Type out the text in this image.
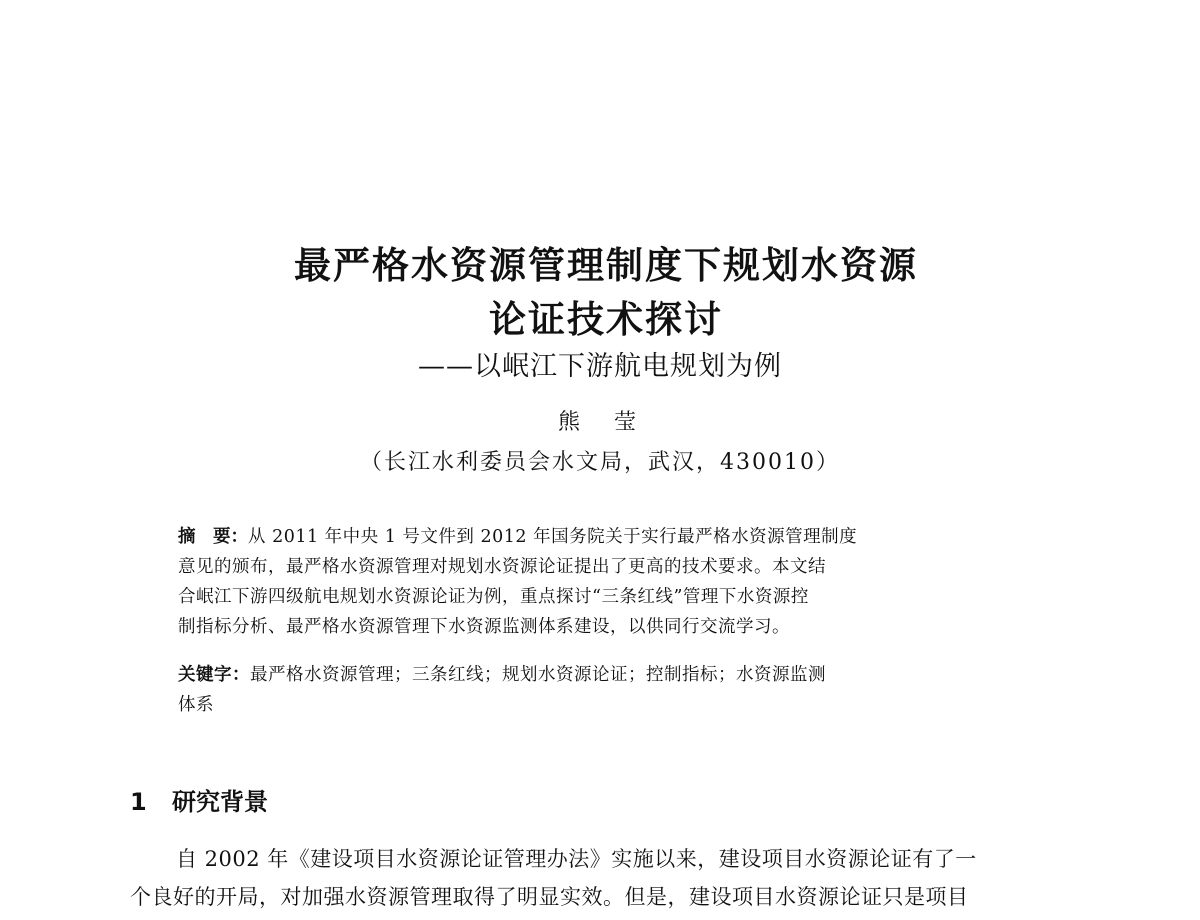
最严格水资源管理制度下规划水资源
论证技术探讨
——以岷江下游航电规划为例
熊　莹
（长江水利委员会水文局，武汉，430010）
摘　要：从 2011 年中央 1 号文件到 2012 年国务院关于实行最严格水资源管理制度
意见的颁布，最严格水资源管理对规划水资源论证提出了更高的技术要求。本文结
合岷江下游四级航电规划水资源论证为例，重点探讨“三条红线”管理下水资源控
制指标分析、最严格水资源管理下水资源监测体系建设，以供同行交流学习。
关键字：最严格水资源管理；三条红线；规划水资源论证；控制指标；水资源监测
体系
1 研究背景
自 2002 年《建设项目水资源论证管理办法》实施以来，建设项目水资源论证有了一
个良好的开局，对加强水资源管理取得了明显实效。但是，建设项目水资源论证只是项目
